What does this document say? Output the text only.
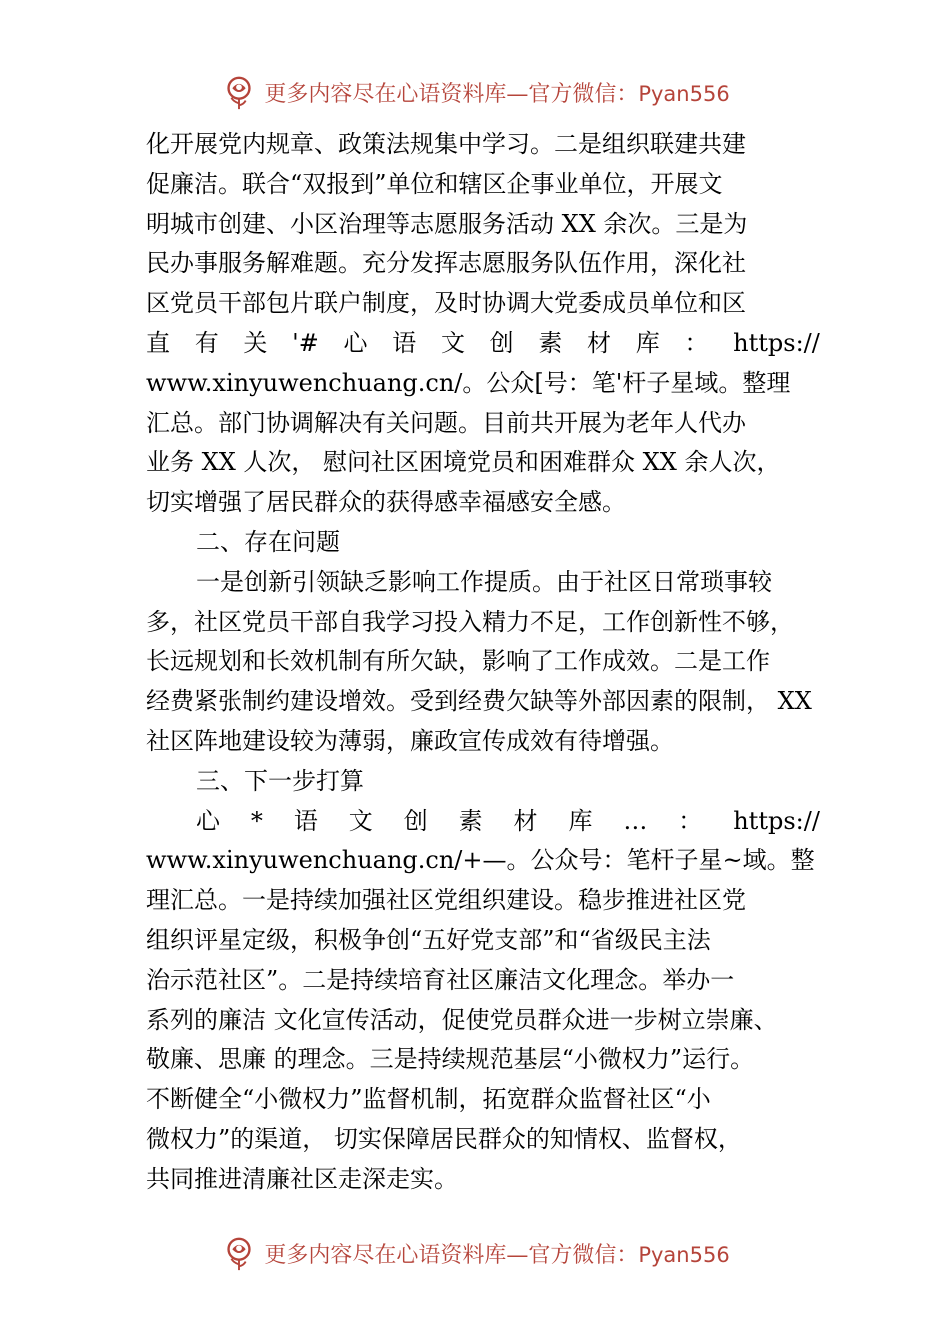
更多内容尽在心语资料库—官方微信：Pyan556
化开展党内规章、政策法规集中学习。二是组织联建共建
促廉洁。联合“双报到”单位和辖区企事业单位，开展文
明城市创建、小区治理等志愿服务活动 XX 余次。三是为
民办事服务解难题。充分发挥志愿服务队伍作用，深化社
区党员干部包片联户制度，及时协调大党委成员单位和区
直 有 关 '# 心 语 文 创 素 材 库 ： https://
www.xinyuwenchuang.cn/。公众[号：笔'杆子星域。整理
汇总。部门协调解决有关问题。目前共开展为老年人代办
业务 XX 人次， 慰问社区困境党员和困难群众 XX 余人次，
切实增强了居民群众的获得感幸福感安全感。
二、存在问题
一是创新引领缺乏影响工作提质。由于社区日常琐事较
多，社区党员干部自我学习投入精力不足，工作创新性不够，
长远规划和长效机制有所欠缺，影响了工作成效。二是工作
经费紧张制约建设增效。受到经费欠缺等外部因素的限制， XX
社区阵地建设较为薄弱，廉政宣传成效有待增强。
三、下一步打算
心 * 语 文 创 素 材 库 … ： https://
www.xinyuwenchuang.cn/+—。公众号：笔杆子星~域。整
理汇总。一是持续加强社区党组织建设。稳步推进社区党
组织评星定级，积极争创“五好党支部”和“省级民主法
治示范社区”。二是持续培育社区廉洁文化理念。举办一
系列的廉洁 文化宣传活动，促使党员群众进一步树立崇廉、
敬廉、思廉 的理念。三是持续规范基层“小微权力”运行。
不断健全“小微权力”监督机制，拓宽群众监督社区“小
微权力”的渠道， 切实保障居民群众的知情权、监督权，
共同推进清廉社区走深走实。
更多内容尽在心语资料库—官方微信：Pyan556
